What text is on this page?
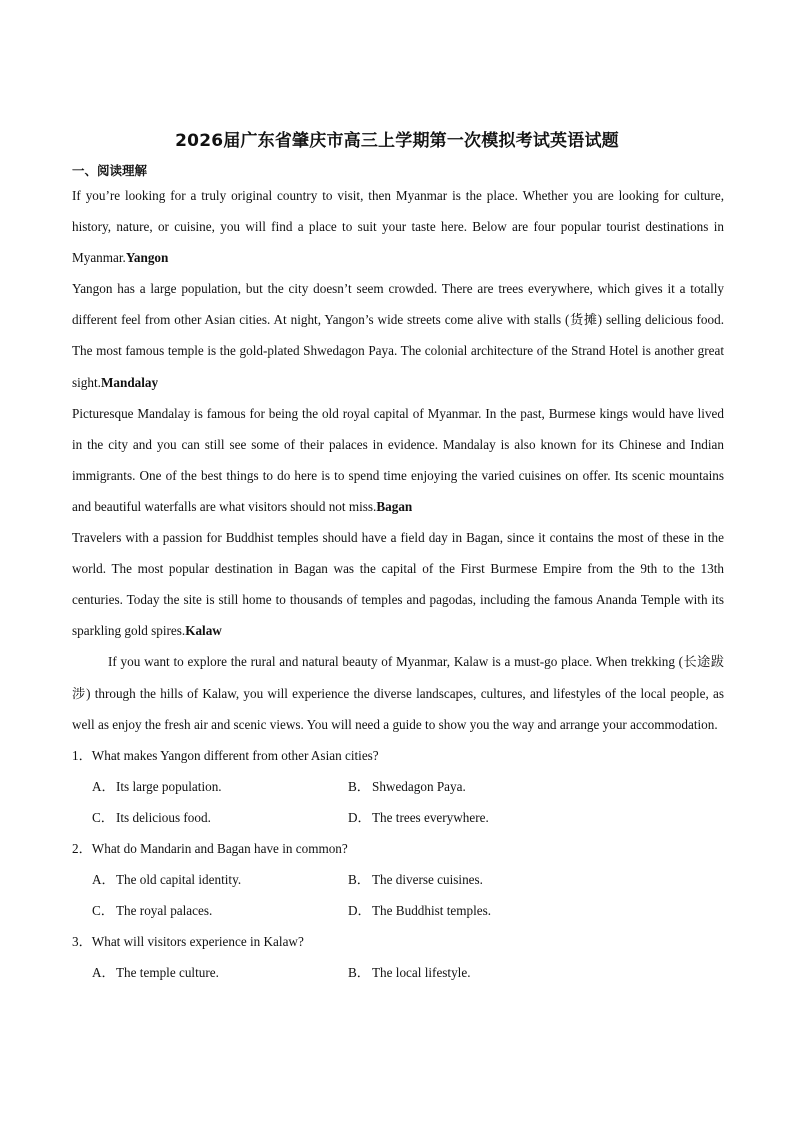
2026届广东省肇庆市高三上学期第一次模拟考试英语试题
一、阅读理解

If you’re looking for a truly original country to visit, then Myanmar is the place. Whether you are looking for culture, history, nature, or cuisine, you will find a place to suit your taste here. Below are four popular tourist destinations in Myanmar.Yangon

Yangon has a large population, but the city doesn’t seem crowded. There are trees everywhere, which gives it a totally different feel from other Asian cities. At night, Yangon’s wide streets come alive with stalls (货摊) selling delicious food. The most famous temple is the gold-plated Shwedagon Paya. The colonial architecture of the Strand Hotel is another great sight.Mandalay

Picturesque Mandalay is famous for being the old royal capital of Myanmar. In the past, Burmese kings would have lived in the city and you can still see some of their palaces in evidence. Mandalay is also known for its Chinese and Indian immigrants. One of the best things to do here is to spend time enjoying the varied cuisines on offer. Its scenic mountains and beautiful waterfalls are what visitors should not miss.Bagan

Travelers with a passion for Buddhist temples should have a field day in Bagan, since it contains the most of these in the world. The most popular destination in Bagan was the capital of the First Burmese Empire from the 9th to the 13th centuries. Today the site is still home to thousands of temples and pagodas, including the famous Ananda Temple with its sparkling gold spires.Kalaw

If you want to explore the rural and natural beauty of Myanmar, Kalaw is a must-go place. When trekking (长途跋涉) through the hills of Kalaw, you will experience the diverse landscapes, cultures, and lifestyles of the local people, as well as enjoy the fresh air and scenic views. You will need a guide to show you the way and arrange your accommodation.

1．What makes Yangon different from other Asian cities?

A．Its large population.	B． Shwedagon Paya.
C． Its delicious food.	D．The trees everywhere.

2．What do Mandarin and Bagan have in common?

A．The old capital identity.	B． The diverse cuisines.
C． The royal palaces.	D．The Buddhist temples.

3．What will visitors experience in Kalaw?

A．The temple culture.	B． The local lifestyle.
